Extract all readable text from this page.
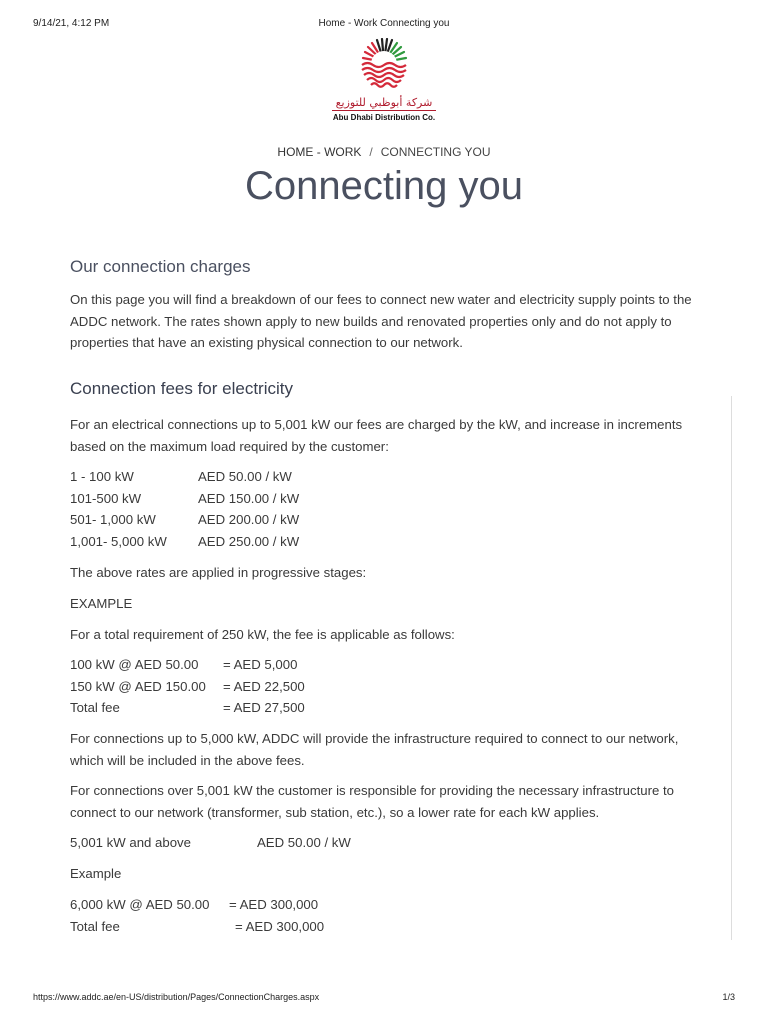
9/14/21, 4:12 PM	Home - Work Connecting you
شركة أبوظبي للتوزيع
Abu Dhabi Distribution Co.
HOME - WORK / CONNECTING YOU
Connecting you
Our connection charges

On this page you will find a breakdown of our fees to connect new water and electricity supply points to the ADDC network. The rates shown apply to new builds and renovated properties only and do not apply to properties that have an existing physical connection to our network.

Connection fees for electricity

For an electrical connections up to 5,001 kW our fees are charged by the kW, and increase in increments based on the maximum load required by the customer:

1 - 100 kW	AED 50.00 / kW
101-500 kW	AED 150.00 / kW
501- 1,000 kW	AED 200.00 / kW
1,001- 5,000 kW AED 250.00 / kW

The above rates are applied in progressive stages:

EXAMPLE

For a total requirement of 250 kW, the fee is applicable as follows:

100 kW @ AED 50.00 = AED 5,000
150 kW @ AED 150.00 = AED 22,500
Total fee	= AED 27,500

For connections up to 5,000 kW, ADDC will provide the infrastructure required to connect to our network, which will be included in the above fees.

For connections over 5,001 kW the customer is responsible for providing the necessary infrastructure to connect to our network (transformer, sub station, etc.), so a lower rate for each kW applies.

5,001 kW and above	AED 50.00 / kW

Example

6,000 kW @ AED 50.00 = AED 300,000
Total fee	= AED 300,000
https://www.addc.ae/en-US/distribution/Pages/ConnectionCharges.aspx	1/3
